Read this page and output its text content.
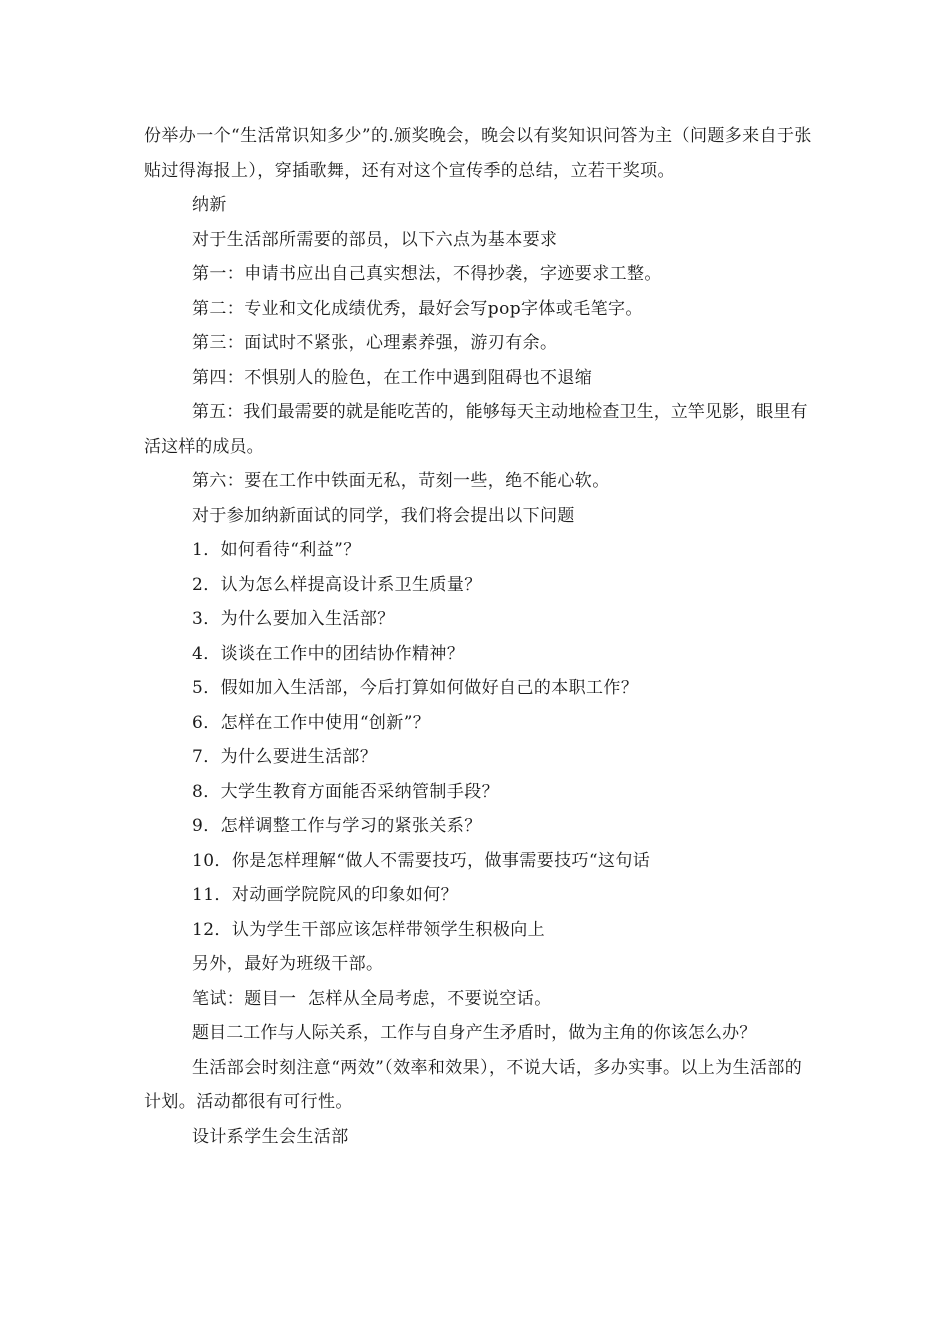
份举办一个“生活常识知多少”的.颁奖晚会，晚会以有奖知识问答为主（问题多来自于张贴过得海报上），穿插歌舞，还有对这个宣传季的总结，立若干奖项。

纳新

对于生活部所需要的部员，以下六点为基本要求

第一：申请书应出自己真实想法，不得抄袭，字迹要求工整。

第二：专业和文化成绩优秀，最好会写pop字体或毛笔字。

第三：面试时不紧张，心理素养强，游刃有余。

第四：不惧别人的脸色，在工作中遇到阻碍也不退缩

第五：我们最需要的就是能吃苦的，能够每天主动地检查卫生，立竿见影，眼里有活这样的成员。

第六：要在工作中铁面无私，苛刻一些，绝不能心软。

对于参加纳新面试的同学，我们将会提出以下问题

1．如何看待“利益”？

2．认为怎么样提高设计系卫生质量？

3．为什么要加入生活部？

4．谈谈在工作中的团结协作精神？

5．假如加入生活部，今后打算如何做好自己的本职工作？

6．怎样在工作中使用“创新”？

7．为什么要进生活部？

8．大学生教育方面能否采纳管制手段？

9．怎样调整工作与学习的紧张关系？

10．你是怎样理解“做人不需要技巧，做事需要技巧“这句话

11．对动画学院院风的印象如何？

12．认为学生干部应该怎样带领学生积极向上

另外，最好为班级干部。

笔试：题目一  怎样从全局考虑，不要说空话。

题目二工作与人际关系，工作与自身产生矛盾时，做为主角的你该怎么办？

生活部会时刻注意“两效”（效率和效果），不说大话，多办实事。以上为生活部的计划。活动都很有可行性。

设计系学生会生活部
